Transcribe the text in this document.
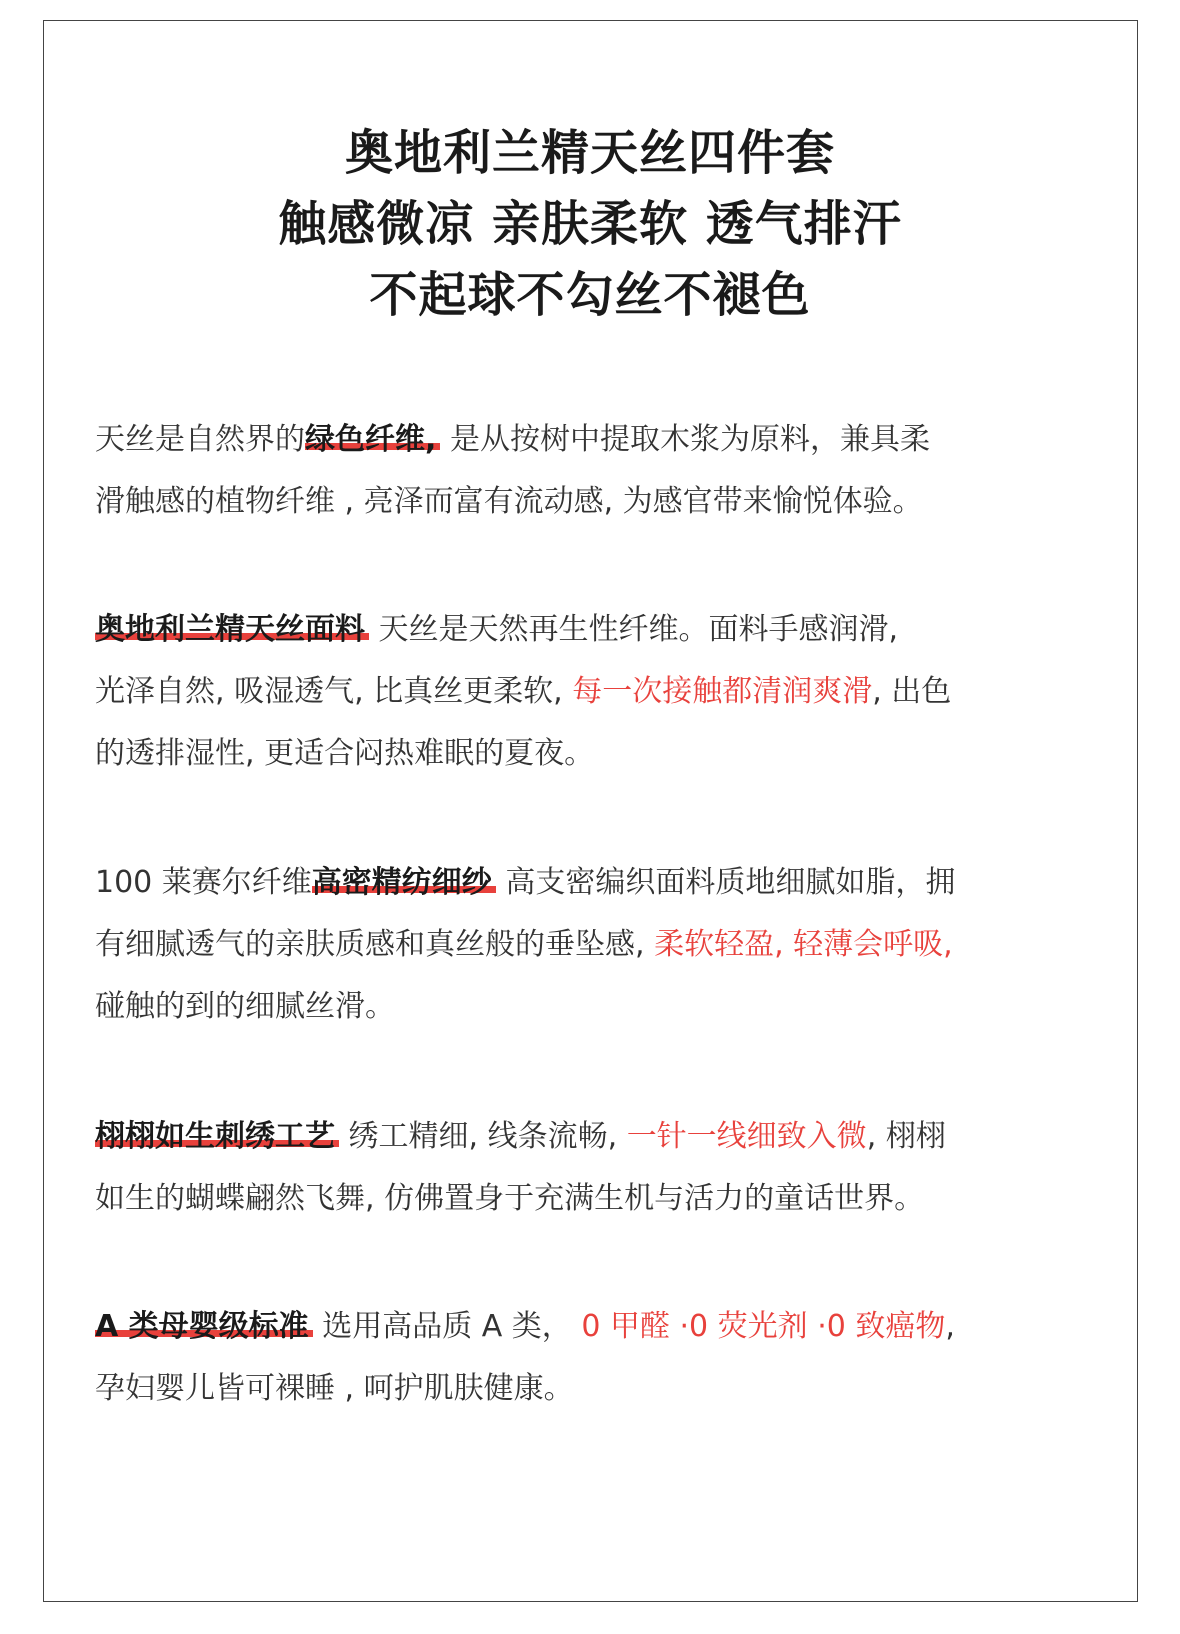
奥地利兰精天丝四件套
触感微凉 亲肤柔软 透气排汗
不起球不勾丝不褪色
天丝是自然界的绿色纤维, 是从按树中提取木浆为原料，兼具柔
滑触感的植物纤维 , 亮泽而富有流动感, 为感官带来愉悦体验。
奥地利兰精天丝面料 天丝是天然再生性纤维。面料手感润滑,
光泽自然, 吸湿透气, 比真丝更柔软, 每一次接触都清润爽滑, 出色
的透排湿性, 更适合闷热难眠的夏夜。
100 莱赛尔纤维高密精纺细纱 高支密编织面料质地细腻如脂，拥
有细腻透气的亲肤质感和真丝般的垂坠感, 柔软轻盈, 轻薄会呼吸,
碰触的到的细腻丝滑。
栩栩如生刺绣工艺 绣工精细, 线条流畅, 一针一线细致入微, 栩栩
如生的蝴蝶翩然飞舞, 仿佛置身于充满生机与活力的童话世界。
A 类母婴级标准 选用高品质 A 类， 0 甲醛 ·0 荧光剂 ·0 致癌物,
孕妇婴儿皆可裸睡 , 呵护肌肤健康。
